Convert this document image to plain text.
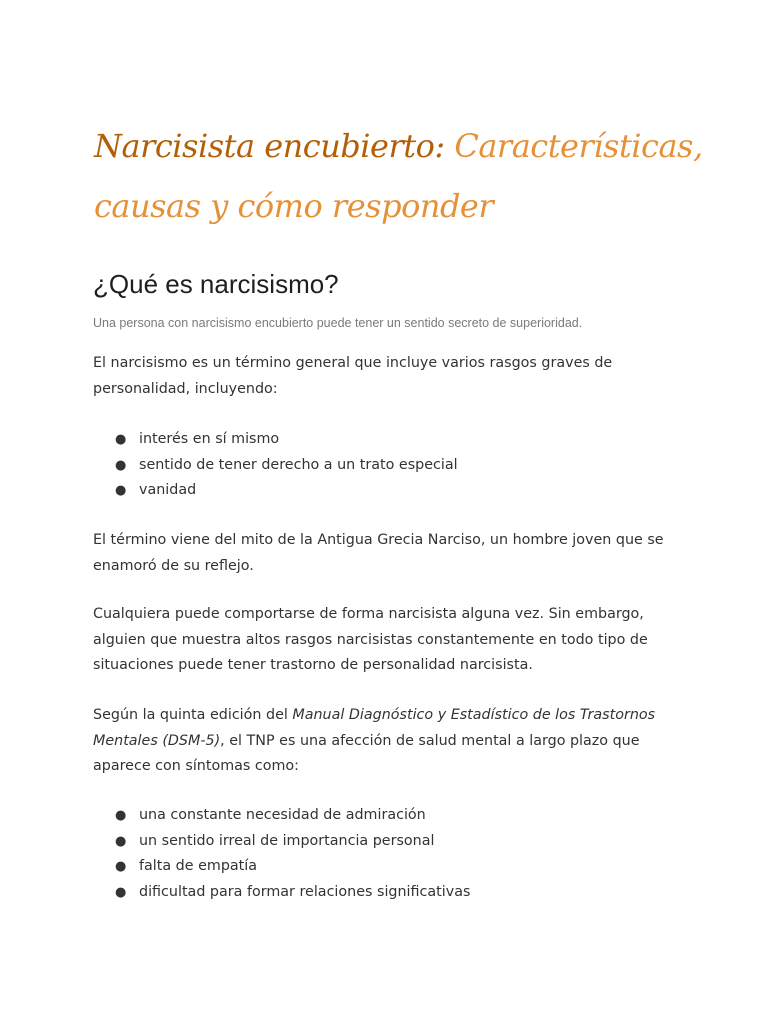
Narcisista encubierto: Características, causas y cómo responder
¿Qué es narcisismo?

Una persona con narcisismo encubierto puede tener un sentido secreto de superioridad.

El narcisismo es un término general que incluye varios rasgos graves de personalidad, incluyendo:

● interés en sí mismo
● sentido de tener derecho a un trato especial
● vanidad

El término viene del mito de la Antigua Grecia Narciso, un hombre joven que se enamoró de su reflejo.

Cualquiera puede comportarse de forma narcisista alguna vez. Sin embargo, alguien que muestra altos rasgos narcisistas constantemente en todo tipo de situaciones puede tener trastorno de personalidad narcisista.

Según la quinta edición del Manual Diagnóstico y Estadístico de los Trastornos Mentales (DSM-5), el TNP es una afección de salud mental a largo plazo que aparece con síntomas como:

● una constante necesidad de admiración
● un sentido irreal de importancia personal
● falta de empatía
● dificultad para formar relaciones significativas
